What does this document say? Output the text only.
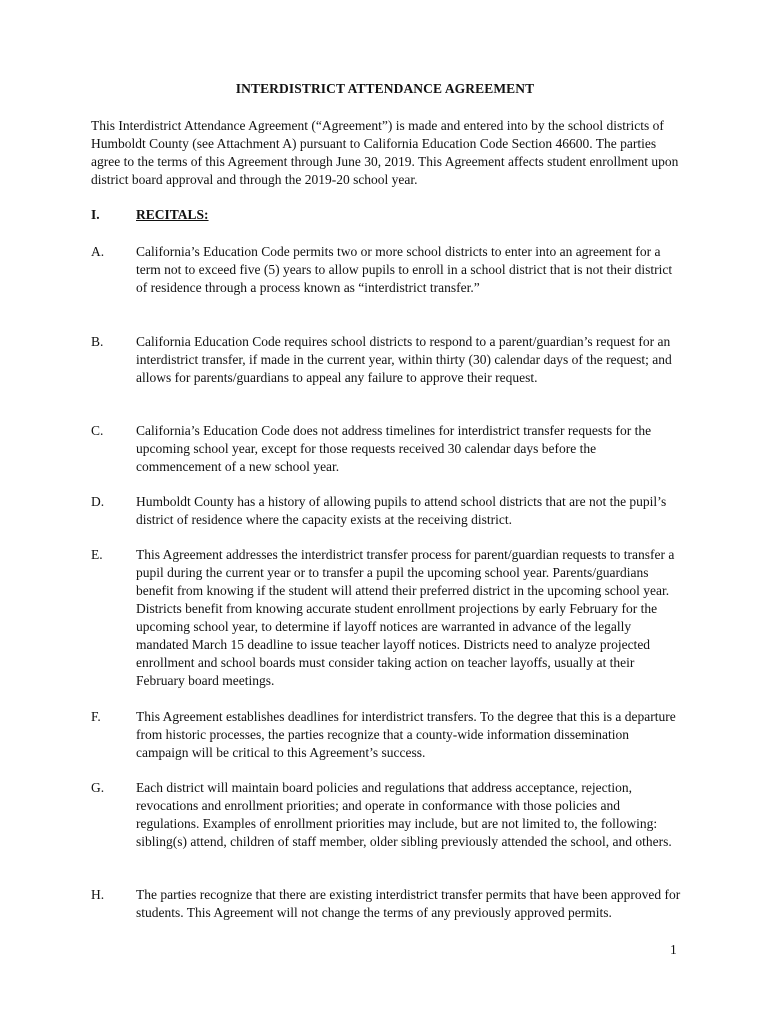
INTERDISTRICT ATTENDANCE AGREEMENT

This Interdistrict Attendance Agreement (“Agreement”) is made and entered into by the school districts of Humboldt County (see Attachment A) pursuant to California Education Code Section 46600. The parties agree to the terms of this Agreement through June 30, 2019. This Agreement affects student enrollment upon district board approval and through the 2019-20 school year.

I.	RECITALS:
A. California’s Education Code permits two or more school districts to enter into an agreement for a term not to exceed five (5) years to allow pupils to enroll in a school district that is not their district of residence through a process known as “interdistrict transfer.”

B. California Education Code requires school districts to respond to a parent/guardian’s request for an interdistrict transfer, if made in the current year, within thirty (30) calendar days of the request; and allows for parents/guardians to appeal any failure to approve their request.

C. California’s Education Code does not address timelines for interdistrict transfer requests for the upcoming school year, except for those requests received 30 calendar days before the commencement of a new school year.

D. Humboldt County has a history of allowing pupils to attend school districts that are not the pupil’s district of residence where the capacity exists at the receiving district.

E. This Agreement addresses the interdistrict transfer process for parent/guardian requests to transfer a pupil during the current year or to transfer a pupil the upcoming school year. Parents/guardians benefit from knowing if the student will attend their preferred district in the upcoming school year. Districts benefit from knowing accurate student enrollment projections by early February for the upcoming school year, to determine if layoff notices are warranted in advance of the legally mandated March 15 deadline to issue teacher layoff notices. Districts need to analyze projected enrollment and school boards must consider taking action on teacher layoffs, usually at their February board meetings.

F.	This Agreement establishes deadlines for interdistrict transfers. To the degree that this is a departure from historic processes, the parties recognize that a county-wide information dissemination campaign will be critical to this Agreement’s success.

G. Each district will maintain board policies and regulations that address acceptance, rejection, revocations and enrollment priorities; and operate in conformance with those policies and regulations. Examples of enrollment priorities may include, but are not limited to, the following: sibling(s) attend, children of staff member, older sibling previously attended the school, and others.

H. The parties recognize that there are existing interdistrict transfer permits that have been approved for students. This Agreement will not change the terms of any previously approved permits.

1
